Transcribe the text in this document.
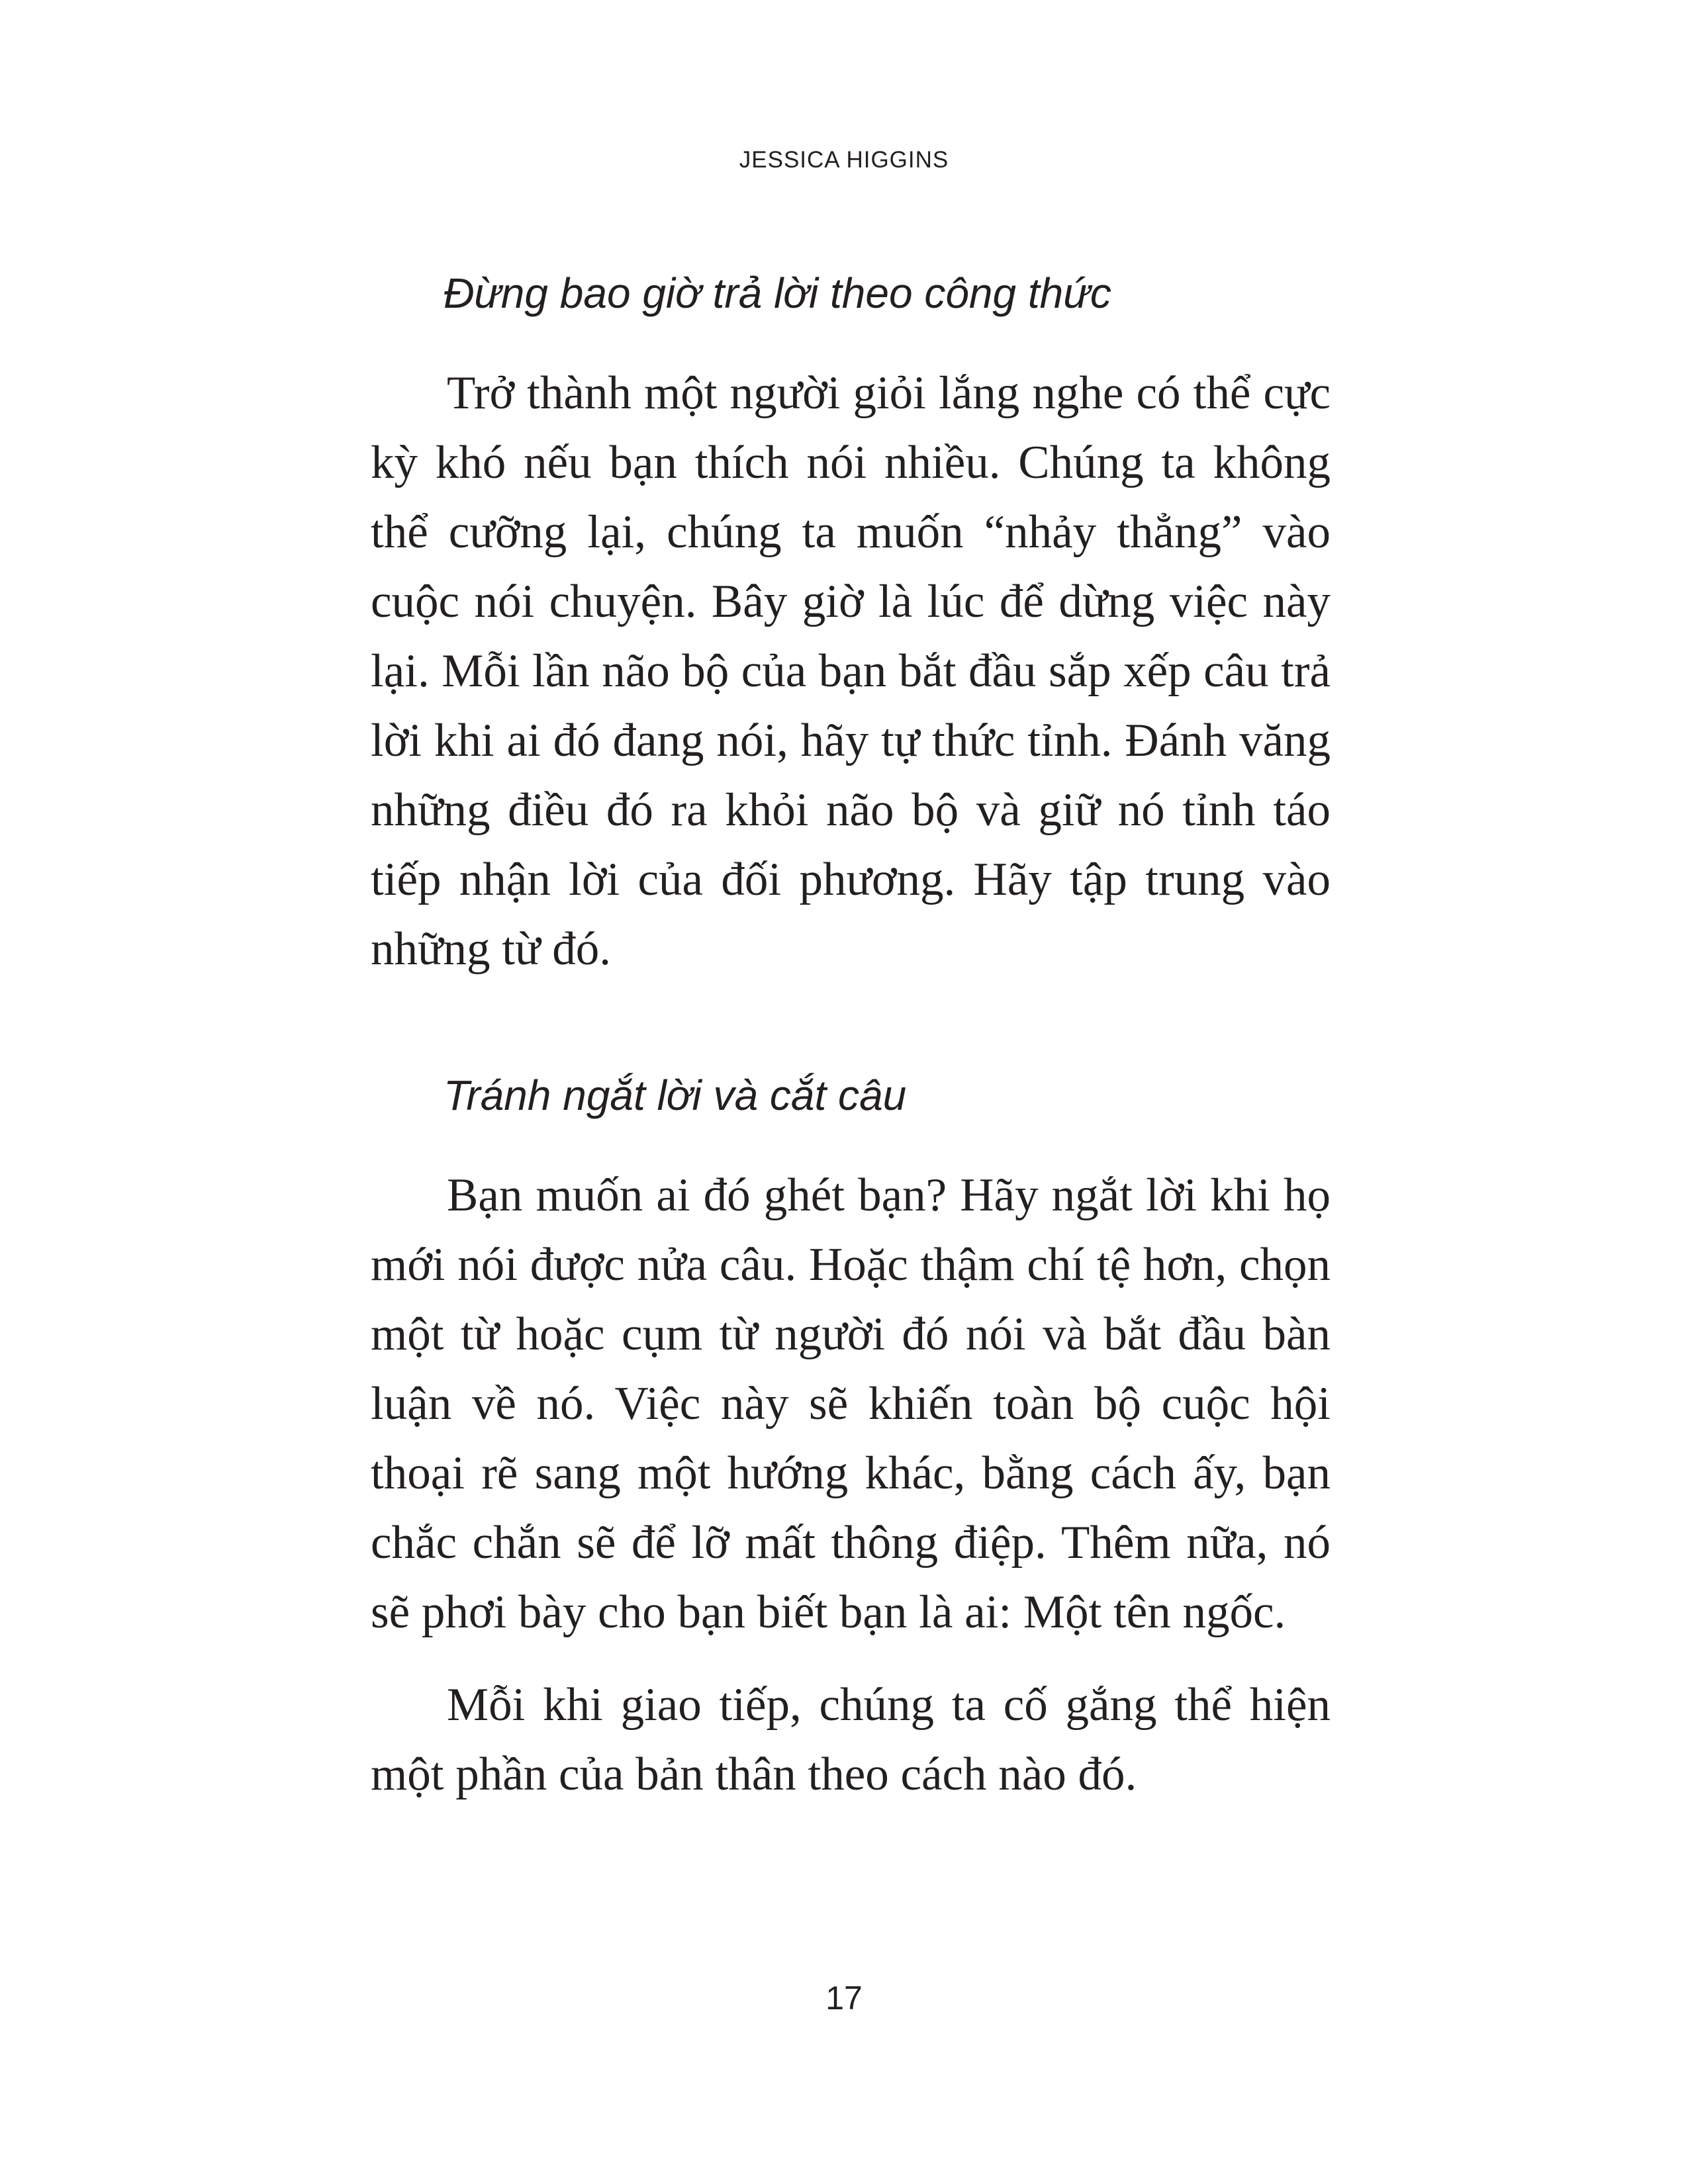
JESSICA HIGGINS

Đừng bao giờ trả lời theo công thức

Trở thành một người giỏi lắng nghe có thể cực kỳ khó nếu bạn thích nói nhiều. Chúng ta không thể cưỡng lại, chúng ta muốn “nhảy thẳng” vào cuộc nói chuyện. Bây giờ là lúc để dừng việc này lại. Mỗi lần não bộ của bạn bắt đầu sắp xếp câu trả lời khi ai đó đang nói, hãy tự thức tỉnh. Đánh văng những điều đó ra khỏi não bộ và giữ nó tỉnh táo tiếp nhận lời của đối phương. Hãy tập trung vào những từ đó.

Tránh ngắt lời và cắt câu

Bạn muốn ai đó ghét bạn? Hãy ngắt lời khi họ mới nói được nửa câu. Hoặc thậm chí tệ hơn, chọn một từ hoặc cụm từ người đó nói và bắt đầu bàn luận về nó. Việc này sẽ khiến toàn bộ cuộc hội thoại rẽ sang một hướng khác, bằng cách ấy, bạn chắc chắn sẽ để lỡ mất thông điệp. Thêm nữa, nó sẽ phơi bày cho bạn biết bạn là ai: Một tên ngốc.

Mỗi khi giao tiếp, chúng ta cố gắng thể hiện một phần của bản thân theo cách nào đó.

17
